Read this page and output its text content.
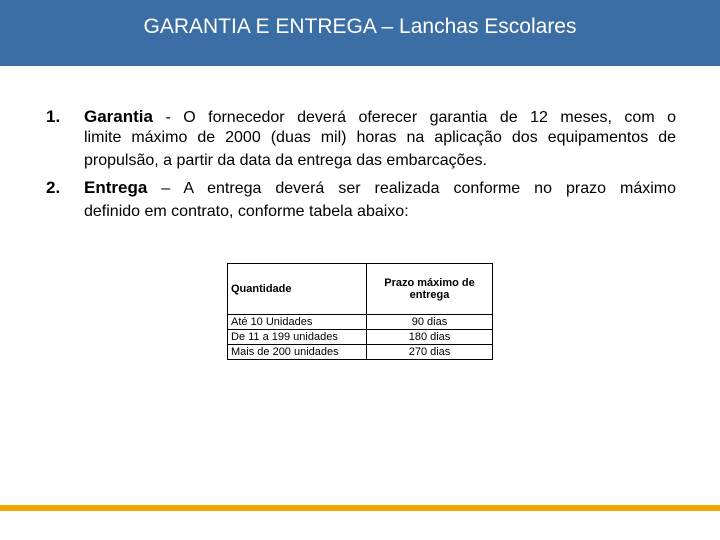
GARANTIA E ENTREGA – Lanchas Escolares
1. Garantia - O fornecedor deverá oferecer garantia de 12 meses, com o
limite máximo de 2000 (duas mil) horas na aplicação dos equipamentos de
propulsão, a partir da data da entrega das embarcações.
2. Entrega – A entrega deverá ser realizada conforme no prazo máximo
definido em contrato, conforme tabela abaixo:
Quantidade	Prazo máximo de entrega
Até 10 Unidades	90 dias
De 11 a 199 unidades	180 dias
Mais de 200 unidades	270 dias
